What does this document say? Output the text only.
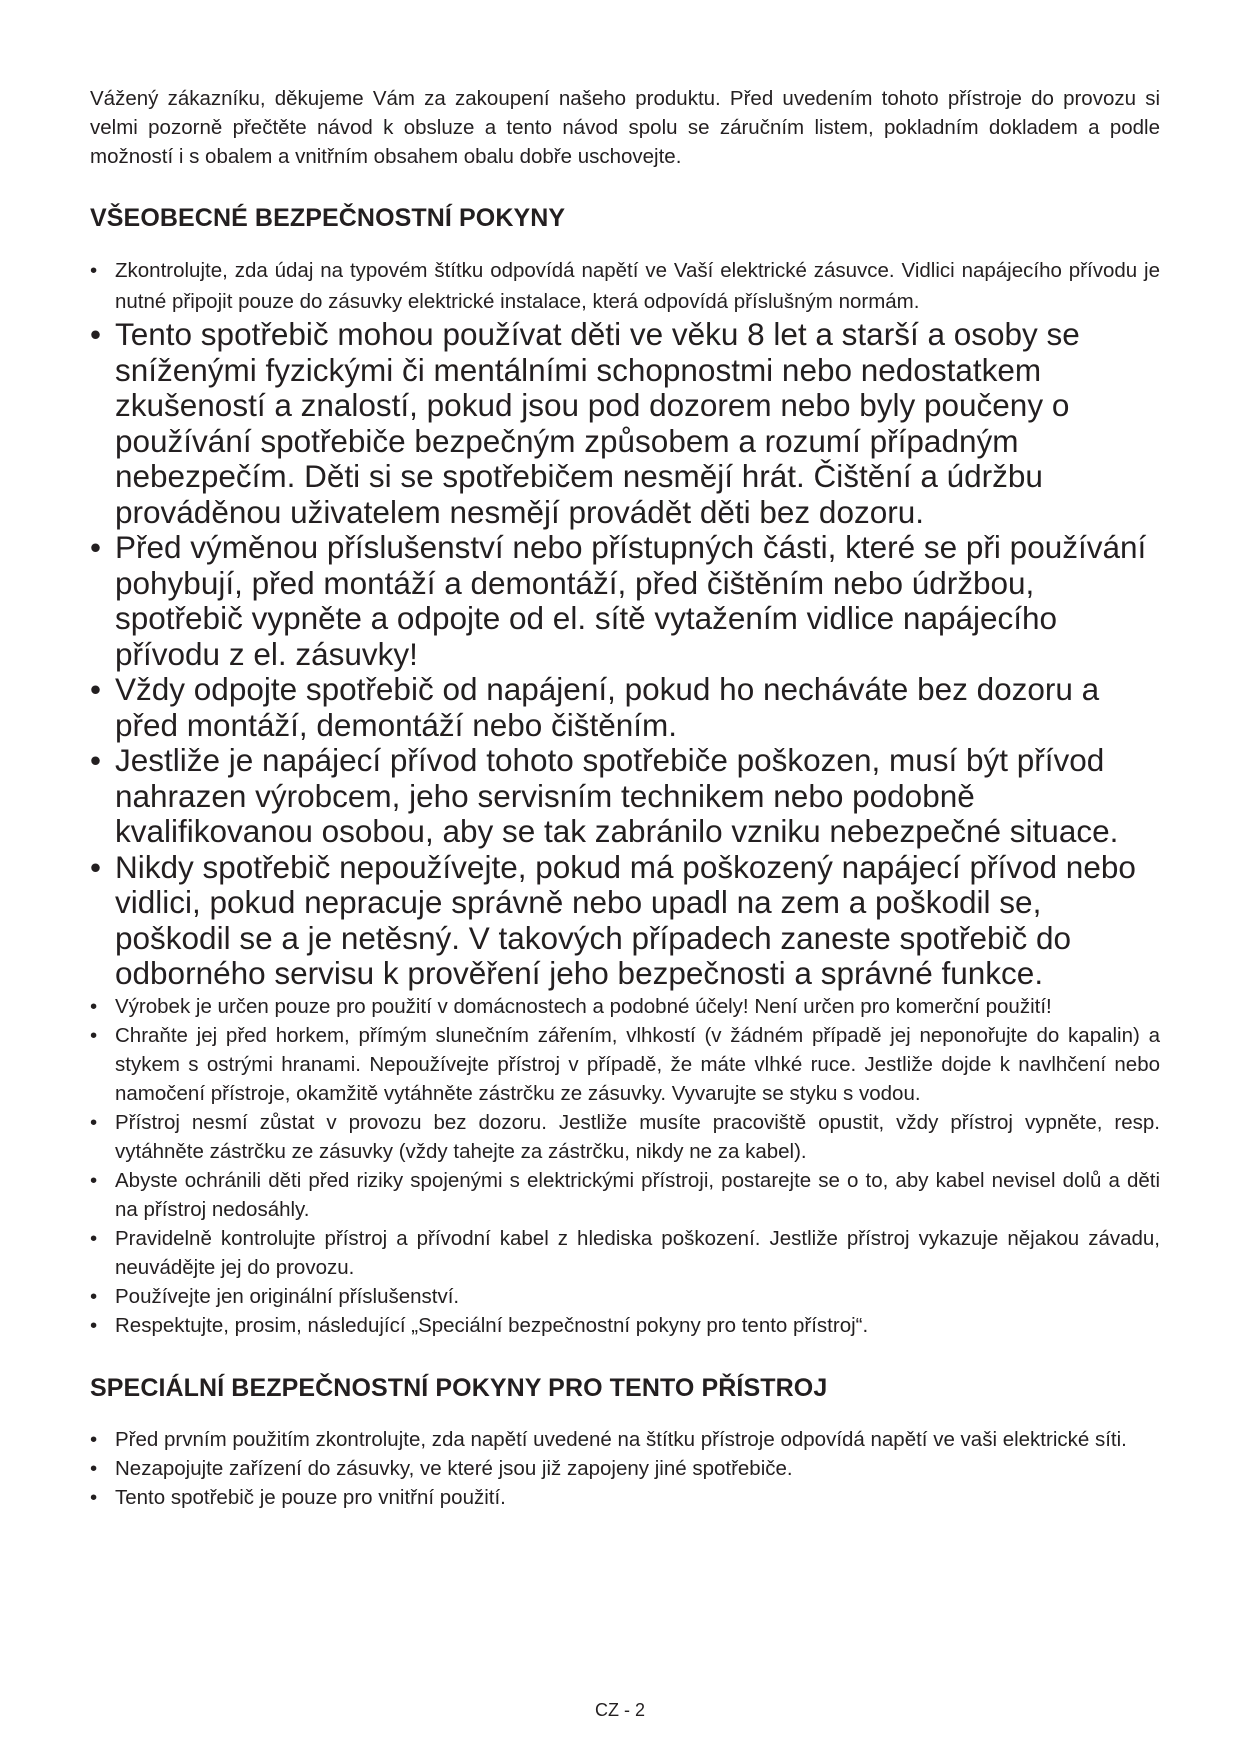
Vážený zákazníku, děkujeme Vám za zakoupení našeho produktu. Před uvedením tohoto přístroje do provozu si velmi pozorně přečtěte návod k obsluze a tento návod spolu se záručním listem, pokladním dokladem a podle možností i s obalem a vnitřním obsahem obalu dobře uschovejte.

VŠEOBECNÉ BEZPEČNOSTNÍ POKYNY
• Zkontrolujte, zda údaj na typovém štítku odpovídá napětí ve Vaší elektrické zásuvce. Vidlici napájecího přívodu je nutné připojit pouze do zásuvky elektrické instalace, která odpovídá příslušným normám.
• Tento spotřebič mohou používat děti ve věku 8 let a starší a osoby se sníženými fyzickými či mentálními schopnostmi nebo nedostatkem zkušeností a znalostí, pokud jsou pod dozorem nebo byly poučeny o používání spotřebiče bezpečným způsobem a rozumí případným nebezpečím. Děti si se spotřebičem nesmějí hrát. Čištění a údržbu prováděnou uživatelem nesmějí provádět děti bez dozoru.
• Před výměnou příslušenství nebo přístupných části, které se při používání pohybují, před montáží a demontáží, před čištěním nebo údržbou, spotřebič vypněte a odpojte od el. sítě vytažením vidlice napájecího přívodu z el. zásuvky!
• Vždy odpojte spotřebič od napájení, pokud ho necháváte bez dozoru a před montáží, demontáží nebo čištěním.
• Jestliže je napájecí přívod tohoto spotřebiče poškozen, musí být přívod nahrazen výrobcem, jeho servisním technikem nebo podobně kvalifikovanou osobou, aby se tak zabránilo vzniku nebezpečné situace.
• Nikdy spotřebič nepoužívejte, pokud má poškozený napájecí přívod nebo vidlici, pokud nepracuje správně nebo upadl na zem a poškodil se, poškodil se a je netěsný. V takových případech zaneste spotřebič do odborného servisu k prověření jeho bezpečnosti a správné funkce.
• Výrobek je určen pouze pro použití v domácnostech a podobné účely! Není určen pro komerční použití!
• Chraňte jej před horkem, přímým slunečním zářením, vlhkostí (v žádném případě jej neponořujte do kapalin) a stykem s ostrými hranami. Nepoužívejte přístroj v případě, že máte vlhké ruce. Jestliže dojde k navlhčení nebo namočení přístroje, okamžitě vytáhněte zástrčku ze zásuvky. Vyvarujte se styku s vodou.
• Přístroj nesmí zůstat v provozu bez dozoru. Jestliže musíte pracoviště opustit, vždy přístroj vypněte, resp. vytáhněte zástrčku ze zásuvky (vždy tahejte za zástrčku, nikdy ne za kabel).
• Abyste ochránili děti před riziky spojenými s elektrickými přístroji, postarejte se o to, aby kabel nevisel dolů a děti na přístroj nedosáhly.
• Pravidelně kontrolujte přístroj a přívodní kabel z hlediska poškození. Jestliže přístroj vykazuje nějakou závadu, neuvádějte jej do provozu.
• Používejte jen originální příslušenství.
• Respektujte, prosim, následující „Speciální bezpečnostní pokyny pro tento přístroj“.
SPECIÁLNÍ BEZPEČNOSTNÍ POKYNY PRO TENTO PŘÍSTROJ
• Před prvním použitím zkontrolujte, zda napětí uvedené na štítku přístroje odpovídá napětí ve vaši elektrické síti.
• Nezapojujte zařízení do zásuvky, ve které jsou již zapojeny jiné spotřebiče.
• Tento spotřebič je pouze pro vnitřní použití.
CZ - 2
